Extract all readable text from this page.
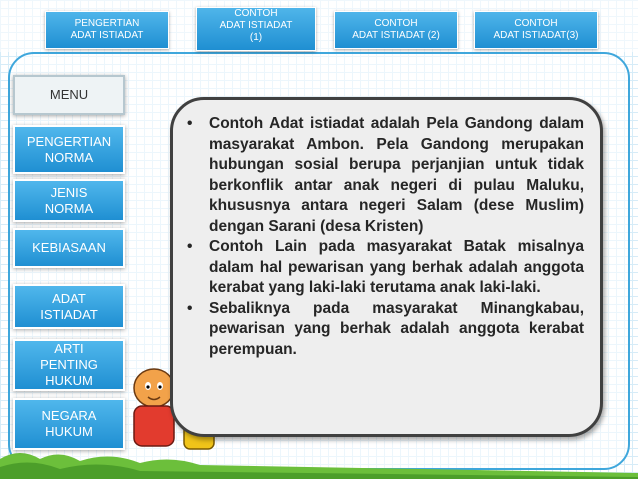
PENGERTIAN
ADAT ISTIADAT
CONTOH
ADAT ISTIADAT
(1)
CONTOH
ADAT ISTIADAT (2)
CONTOH
ADAT ISTIADAT(3)
MENU
PENGERTIAN
NORMA
JENIS
NORMA
KEBIASAAN
ADAT
ISTIADAT
ARTI
PENTING
HUKUM
NEGARA
HUKUM
• Contoh Adat istiadat adalah Pela Gandong dalam masyarakat Ambon. Pela Gandong merupakan hubungan sosial berupa perjanjian untuk tidak berkonflik antar anak negeri di pulau Maluku, khususnya antara negeri Salam (dese Muslim) dengan Sarani (desa Kristen)
• Contoh Lain pada masyarakat Batak misalnya dalam hal pewarisan yang berhak adalah anggota kerabat yang laki-laki terutama anak laki-laki.
• Sebaliknya pada masyarakat Minangkabau, pewarisan yang berhak adalah anggota kerabat perempuan.
